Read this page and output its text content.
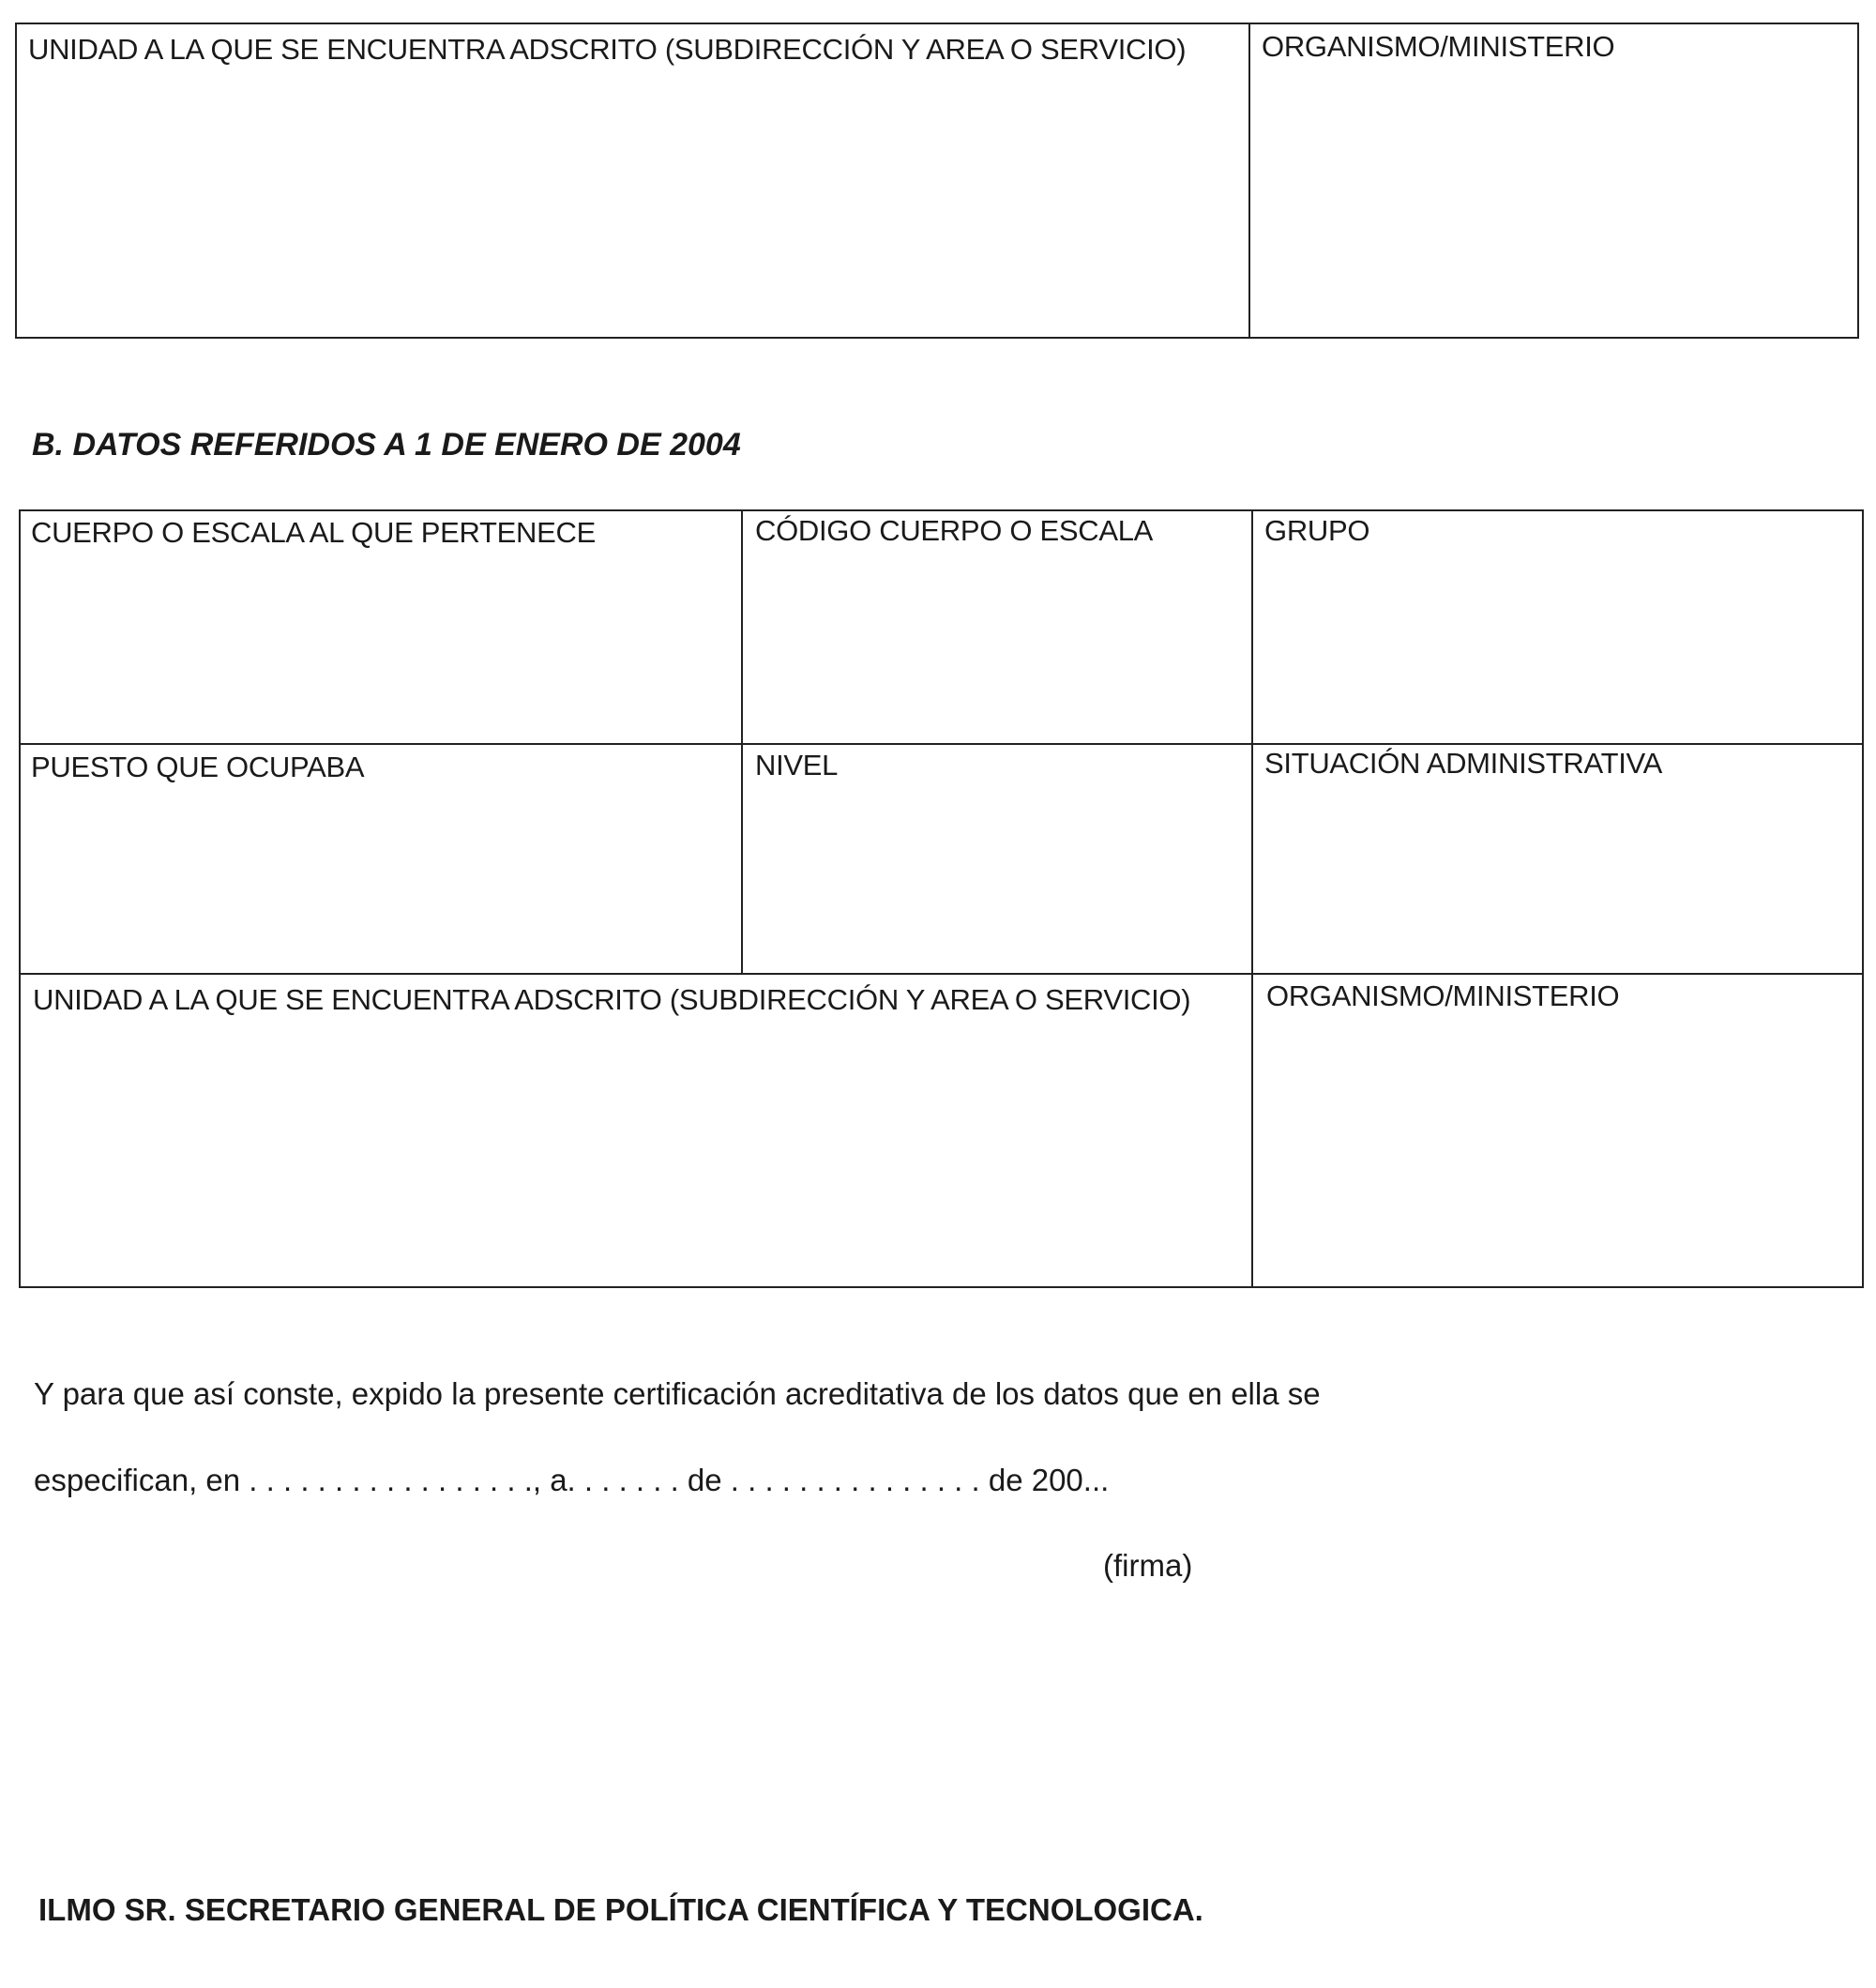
UNIDAD A LA QUE SE ENCUENTRA ADSCRITO (SUBDIRECCIÓN Y AREA O SERVICIO)	ORGANISMO/MINISTERIO
B. DATOS REFERIDOS A 1 DE ENERO DE 2004
CUERPO O ESCALA AL QUE PERTENECE	CÓDIGO CUERPO O ESCALA	GRUPO
PUESTO QUE OCUPABA	NIVEL	SITUACIÓN ADMINISTRATIVA
UNIDAD A LA QUE SE ENCUENTRA ADSCRITO (SUBDIRECCIÓN Y AREA O SERVICIO)	ORGANISMO/MINISTERIO
Y para que así conste, expido la presente certificación acreditativa de los datos que en ella se
especifican, en . . . . . . . . . . . . . . . . ., a. . . . . . . de . . . . . . . . . . . . . . . de 200...
(firma)
ILMO SR. SECRETARIO GENERAL DE POLÍTICA CIENTÍFICA Y TECNOLOGICA.
